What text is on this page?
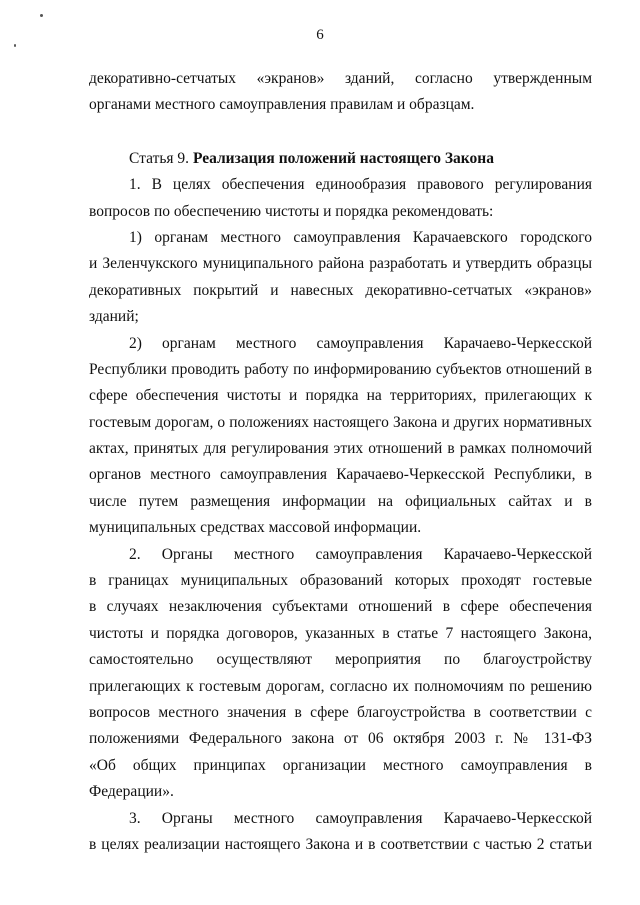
6
декоративно-сетчатых «экранов» зданий, согласно утвержденным
органами местного самоуправления правилам и образцам.
Статья 9. Реализация положений настоящего Закона
1. В целях обеспечения единообразия правового регулирования
вопросов по обеспечению чистоты и порядка рекомендовать:
1) органам местного самоуправления Карачаевского городского
и Зеленчукского муниципального района разработать и утвердить образцы
декоративных покрытий и навесных декоративно-сетчатых «экранов»
зданий;
2) органам местного самоуправления Карачаево-Черкесской
Республики проводить работу по информированию субъектов отношений в
сфере обеспечения чистоты и порядка на территориях, прилегающих к
гостевым дорогам, о положениях настоящего Закона и других нормативных
актах, принятых для регулирования этих отношений в рамках полномочий
органов местного самоуправления Карачаево-Черкесской Республики, в
числе путем размещения информации на официальных сайтах и в
муниципальных средствах массовой информации.
2. Органы местного самоуправления Карачаево-Черкесской
в границах муниципальных образований которых проходят гостевые
в случаях незаключения субъектами отношений в сфере обеспечения
чистоты и порядка договоров, указанных в статье 7 настоящего Закона,
самостоятельно осуществляют мероприятия по благоустройству
прилегающих к гостевым дорогам, согласно их полномочиям по решению
вопросов местного значения в сфере благоустройства в соответствии с
положениями Федерального закона от 06 октября 2003 г. № 131-ФЗ
«Об общих принципах организации местного самоуправления в
Федерации».
3. Органы местного самоуправления Карачаево-Черкесской
в целях реализации настоящего Закона и в соответствии с частью 2 статьи
